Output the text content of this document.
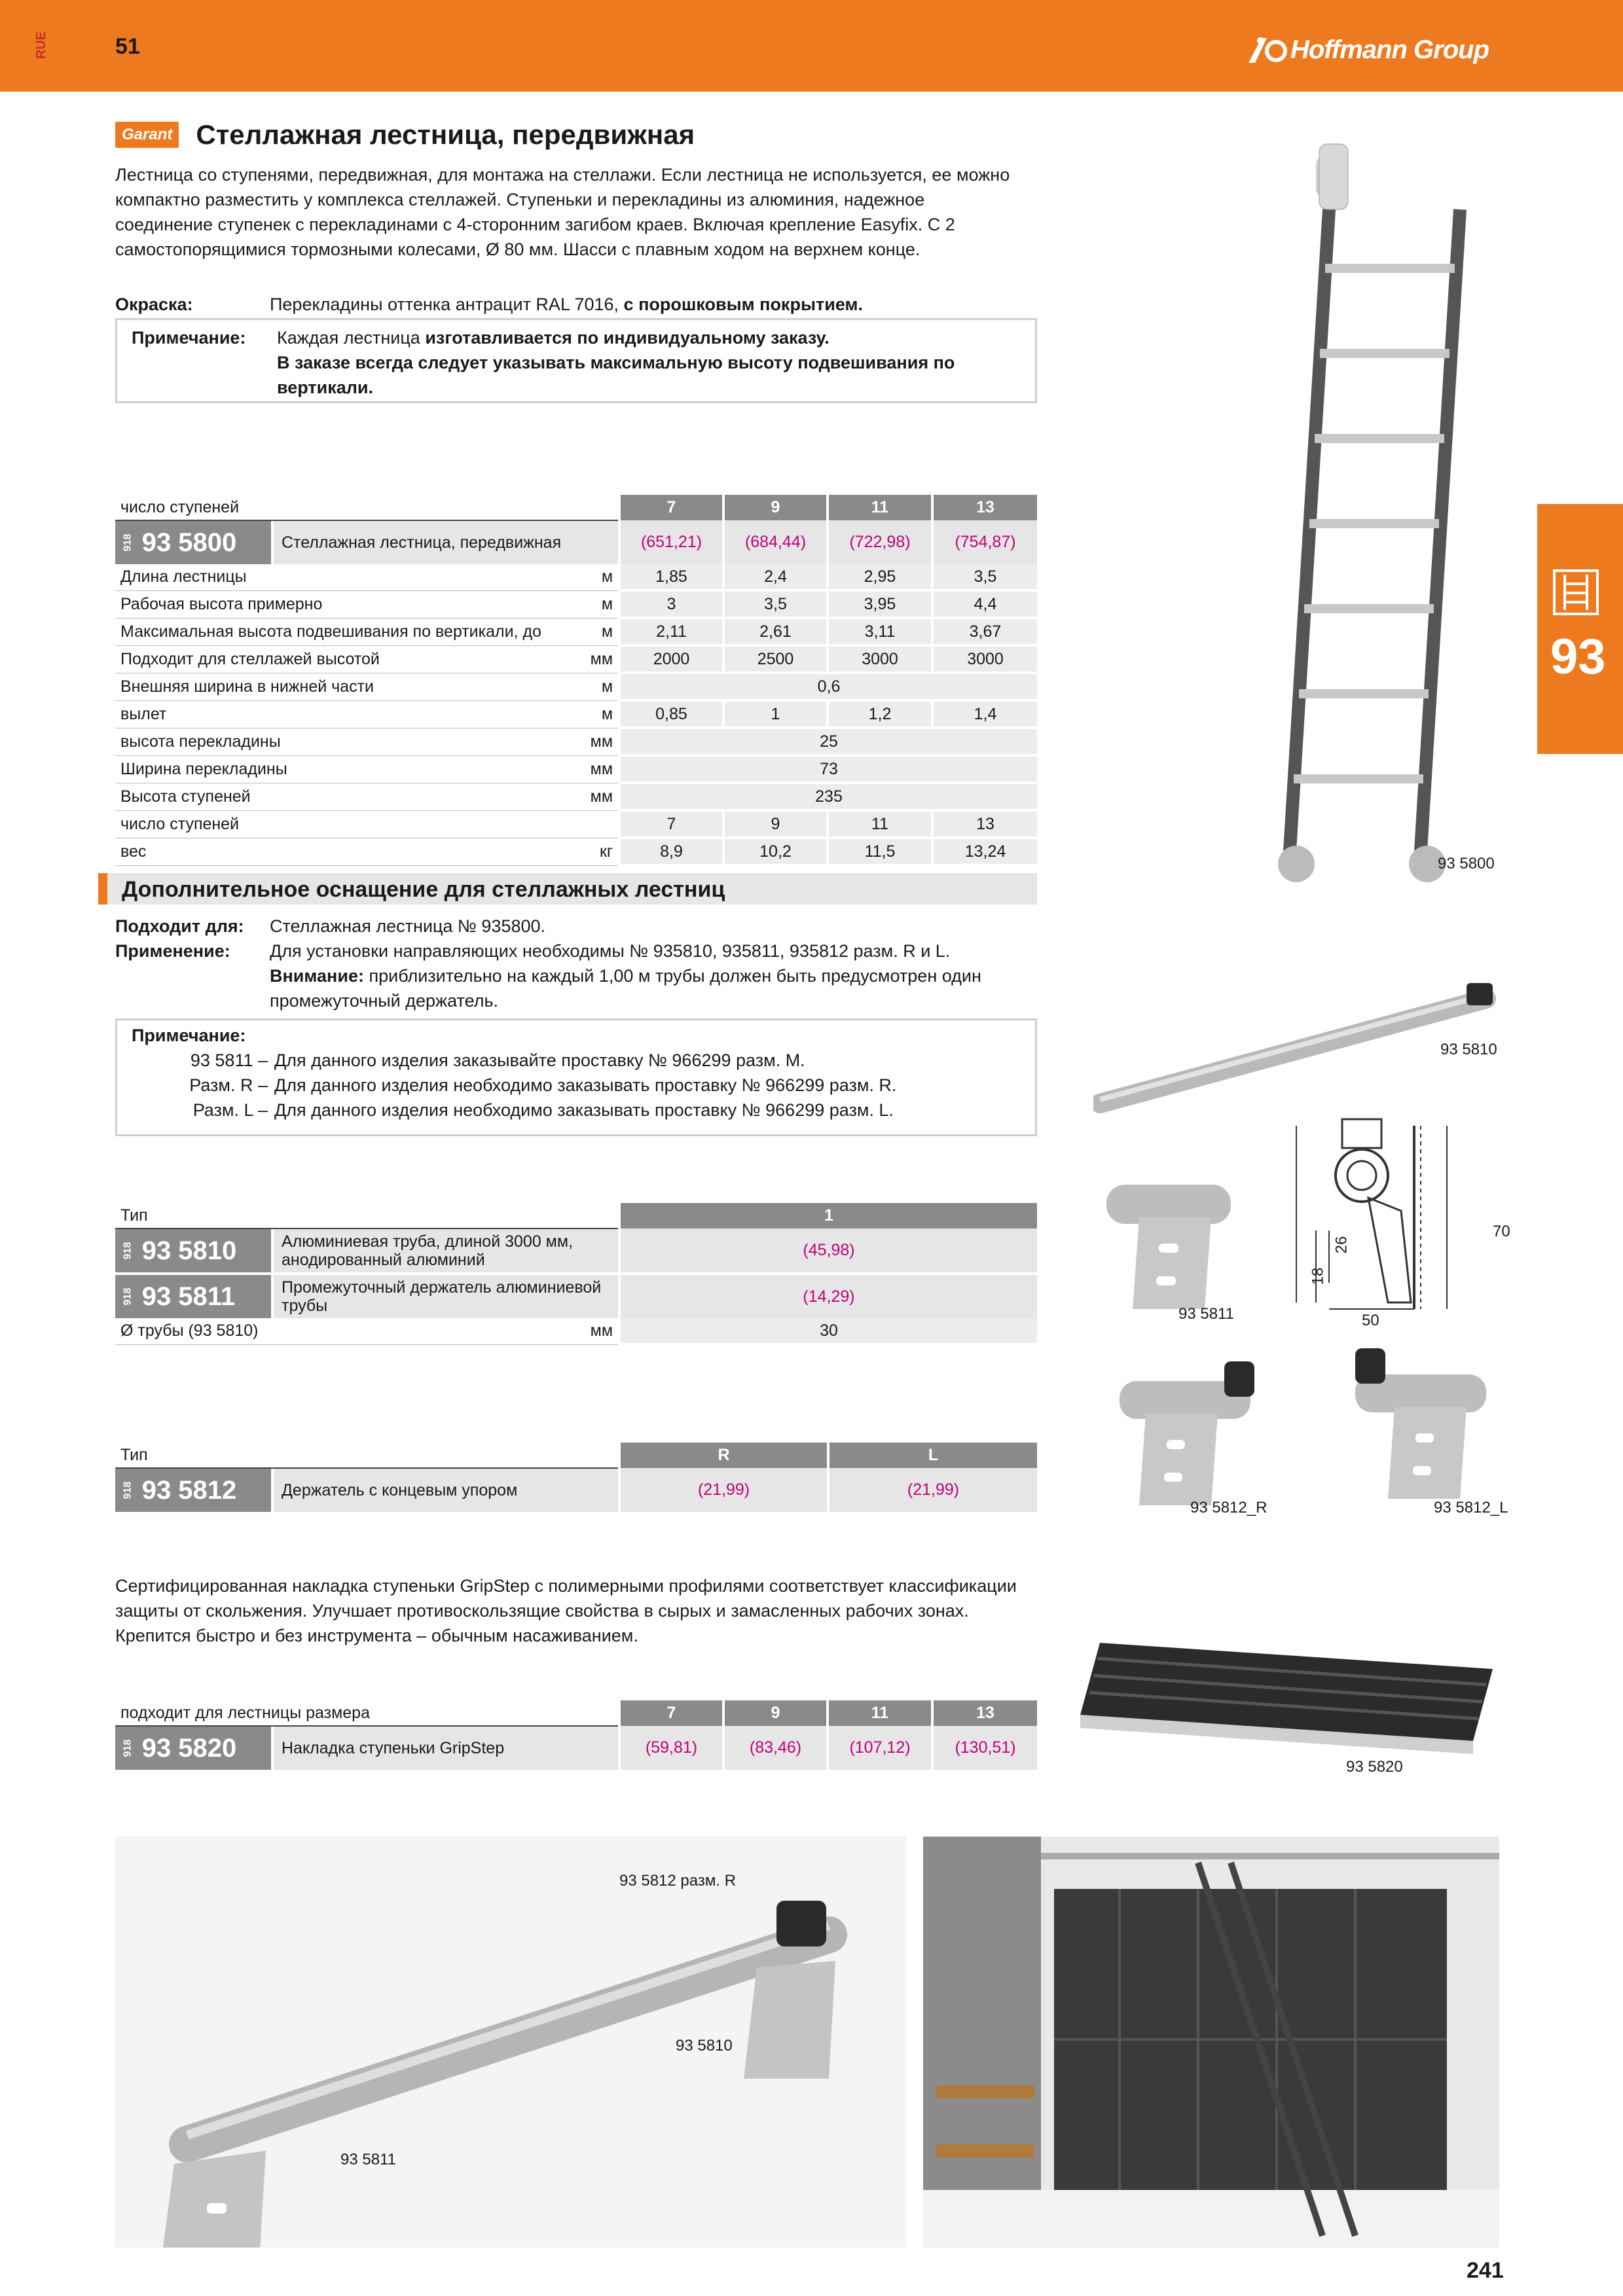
RUE	51	Hoffmann Group
93
Garant Стеллажная лестница, передвижная
Лестница со ступенями, передвижная, для монтажа на стеллажи. Если лестница не используется, ее можно компактно разместить у комплекса стеллажей. Ступеньки и перекладины из алюминия, надежное соединение ступенек с перекладинами с 4-сторонним загибом краев. Включая крепление Easyfix. С 2 самостопорящимися тормозными колесами, Ø 80 мм. Шасси с плавным ходом на верхнем конце.
Окраска:	Перекладины оттенка антрацит RAL 7016, с порошковым покрытием.
Примечание:	Каждая лестница изготавливается по индивидуальному заказу.
В заказе всегда следует указывать максимальную высоту подвешивания по вертикали.
93 5800
число ступеней		7	9	11	13

918 93 5800 Стеллажная лестница, передвижная		(651,21)	(684,44)	(722,98)	(754,87)
Длина лестницы	м	1,85	2,4	2,95	3,5
Рабочая высота примерно	м	3	3,5	3,95	4,4
Максимальная высота подвешивания по вертикали, до	м	2,11	2,61	3,11	3,67
Подходит для стеллажей высотой	мм	2000	2500	3000	3000
Внешняя ширина в нижней части	м	0,6			
вылет	м	0,85	1	1,2	1,4
высота перекладины	мм	25			
Ширина перекладины	мм	73			
Высота ступеней	мм	235			
число ступеней		7	9	11	13
вес	кг	8,9	10,2	11,5	13,24
Дополнительное оснащение для стеллажных лестниц
Подходит для:	Стеллажная лестница № 935800.
Применение:	Для установки направляющих необходимы № 935810, 935811, 935812 разм. R и L.
Внимание: приблизительно на каждый 1,00 м трубы должен быть предусмотрен один промежуточный держатель.
Примечание:
93 5811 – Для данного изделия заказывайте проставку № 966299 разм. M.
Разм. R – Для данного изделия необходимо заказывать проставку № 966299 разм. R.
Разм. L – Для данного изделия необходимо заказывать проставку № 966299 разм. L.
93 5810
93 5811
70
26
18
50
Тип		1

918 93 5810 Алюминиевая труба, длиной 3000 мм, анодированный алюминий		(45,98)

918 93 5811 Промежуточный держатель алюминиевой трубы		(14,29)
Ø трубы (93 5810)	мм	30
93 5812_R	93 5812_L
Тип	R	L

918 93 5812 Держатель с концевым упором	(21,99)	(21,99)
Сертифицированная накладка ступеньки GripStep с полимерными профилями соответствует классификации защиты от скольжения. Улучшает противоскользящие свойства в сырых и замасленных рабочих зонах. Крепится быстро и без инструмента – обычным насаживанием.
93 5820
подходит для лестницы размера	7	9	11	13

918 93 5820 Накладка ступеньки GripStep	(59,81)	(83,46)	(107,12)	(130,51)
93 5812 разм. R
93 5810
93 5811
241
